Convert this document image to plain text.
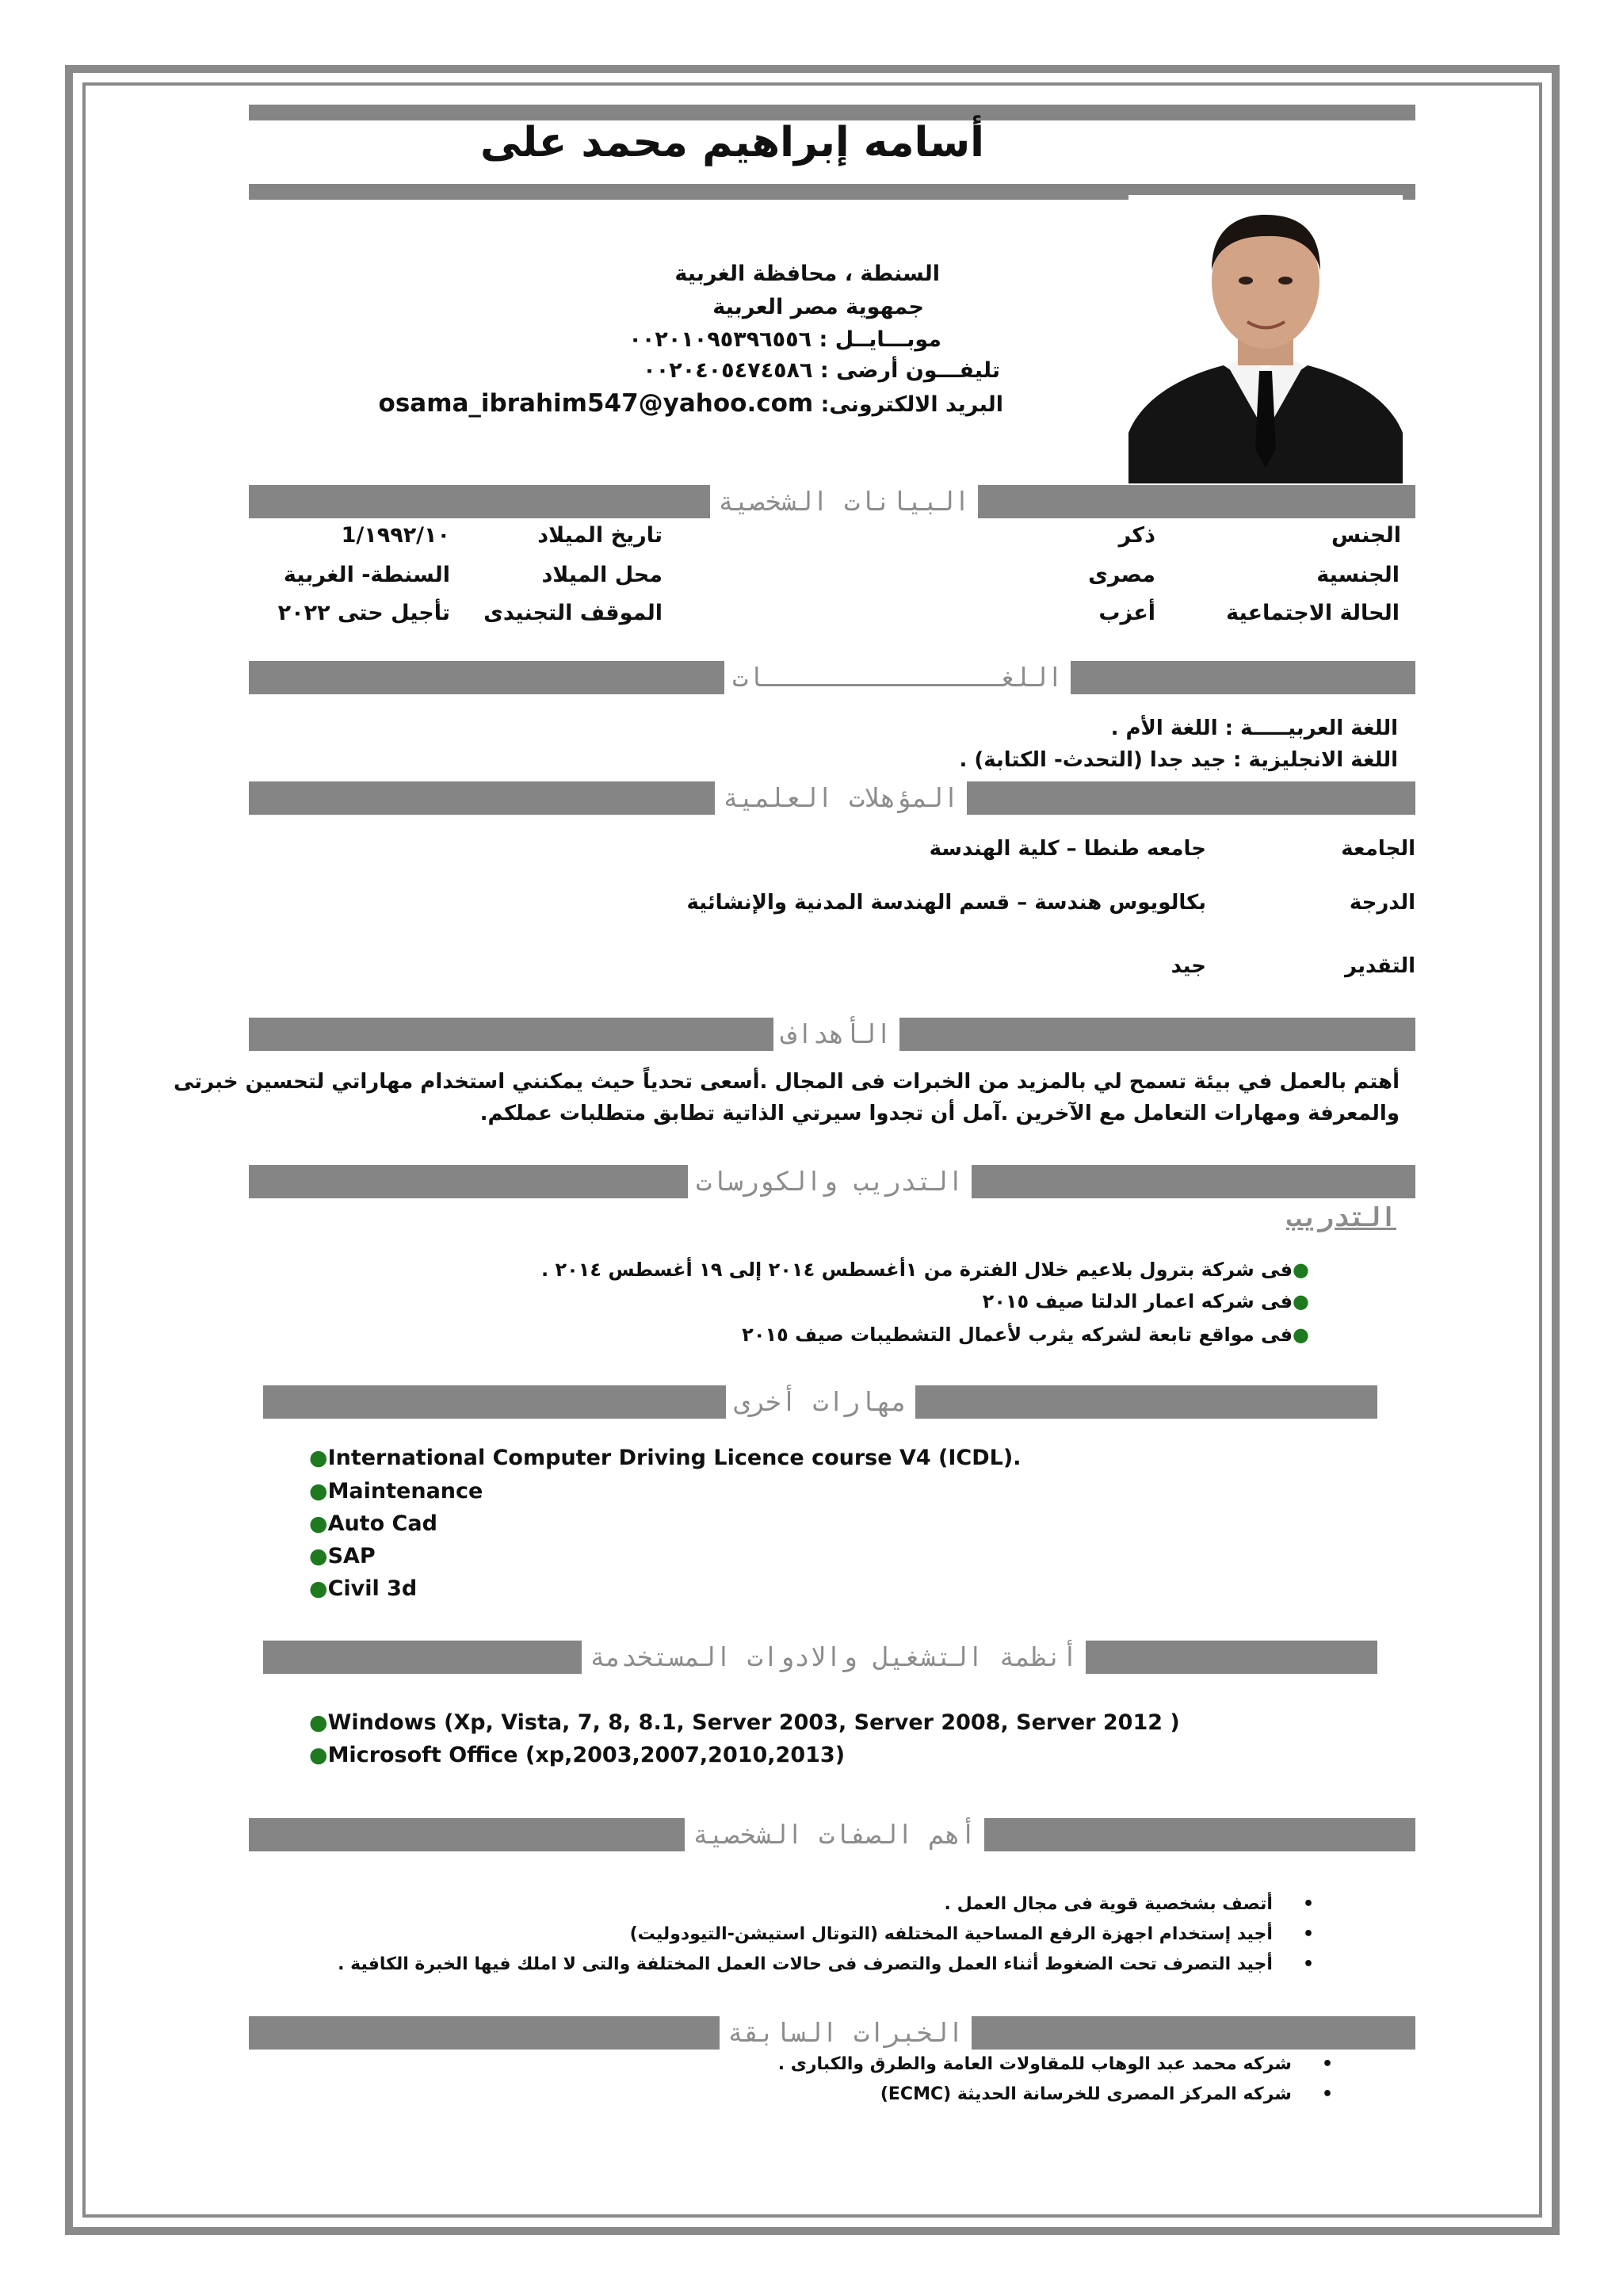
أسامه إبراهيم محمد على
السنطة ، محافظة الغربية
جمهوية مصر العربية
موبـــايــل : ٠٠٢٠١٠٩٥٣٩٦٥٥٦
تليفـــون أرضى : ٠٠٢٠٤٠٥٤٧٤٥٨٦
البريد الالكترونى: osama_ibrahim547@yahoo.com
البيانات الشخصية
الجنس
ذكر
تاريخ الميلاد
١٩٩٢/١٠/1
الجنسية
مصرى
محل الميلاد
السنطة- الغربية
الحالة الاجتماعية
أعزب
الموقف التجنيدى
تأجيل حتى ٢٠٢٢
اللغـــــــــــــــات
اللغة العربيـــــة : اللغة الأم .
اللغة الانجليزية : جيد جدا (التحدث- الكتابة) .
المؤهلات العلمية
الجامعة
جامعه طنطا – كلية الهندسة
الدرجة
بكالويوس هندسة – قسم الهندسة المدنية والإنشائية
التقدير
جيد
الأهداف
أهتم بالعمل في بيئة تسمح لي بالمزيد من الخبرات فى المجال .أسعى تحدياً حيث يمكنني استخدام مهاراتي لتحسين خبرتى
والمعرفة ومهارات التعامل مع الآخرين .آمل أن تجدوا سيرتي الذاتية تطابق متطلبات عملكم.
التدريب والكورسات
التدريب
●فى شركة بترول بلاعيم خلال الفترة من ١أغسطس ٢٠١٤ إلى ١٩ أغسطس ٢٠١٤ .
●فى شركه اعمار الدلتا صيف ٢٠١٥
●فى مواقع تابعة لشركه يثرب لأعمال التشطيبات صيف ٢٠١٥
مهارات أخرى
●International Computer Driving Licence course V4 (ICDL).
●Maintenance
●Auto Cad
●SAP
●Civil 3d
أنظمة التشغيل والادوات المستخدمة
●Windows (Xp, Vista, 7, 8, 8.1, Server 2003, Server 2008, Server 2012 )
●Microsoft Office (xp,2003,2007,2010,2013)
أهم الصفات الشخصية
•أتصف بشخصية قوية فى مجال العمل .
•أجيد إستخدام اجهزة الرفع المساحية المختلفه (التوتال استيشن-التيودوليت)
•أجيد التصرف تحت الضغوط أثناء العمل والتصرف فى حالات العمل المختلفة والتى لا املك فيها الخبرة الكافية .
الخبرات السابقة
•شركه محمد عبد الوهاب للمقاولات العامة والطرق والكبارى .
•شركه المركز المصرى للخرسانة الحديثة (ECMC)
